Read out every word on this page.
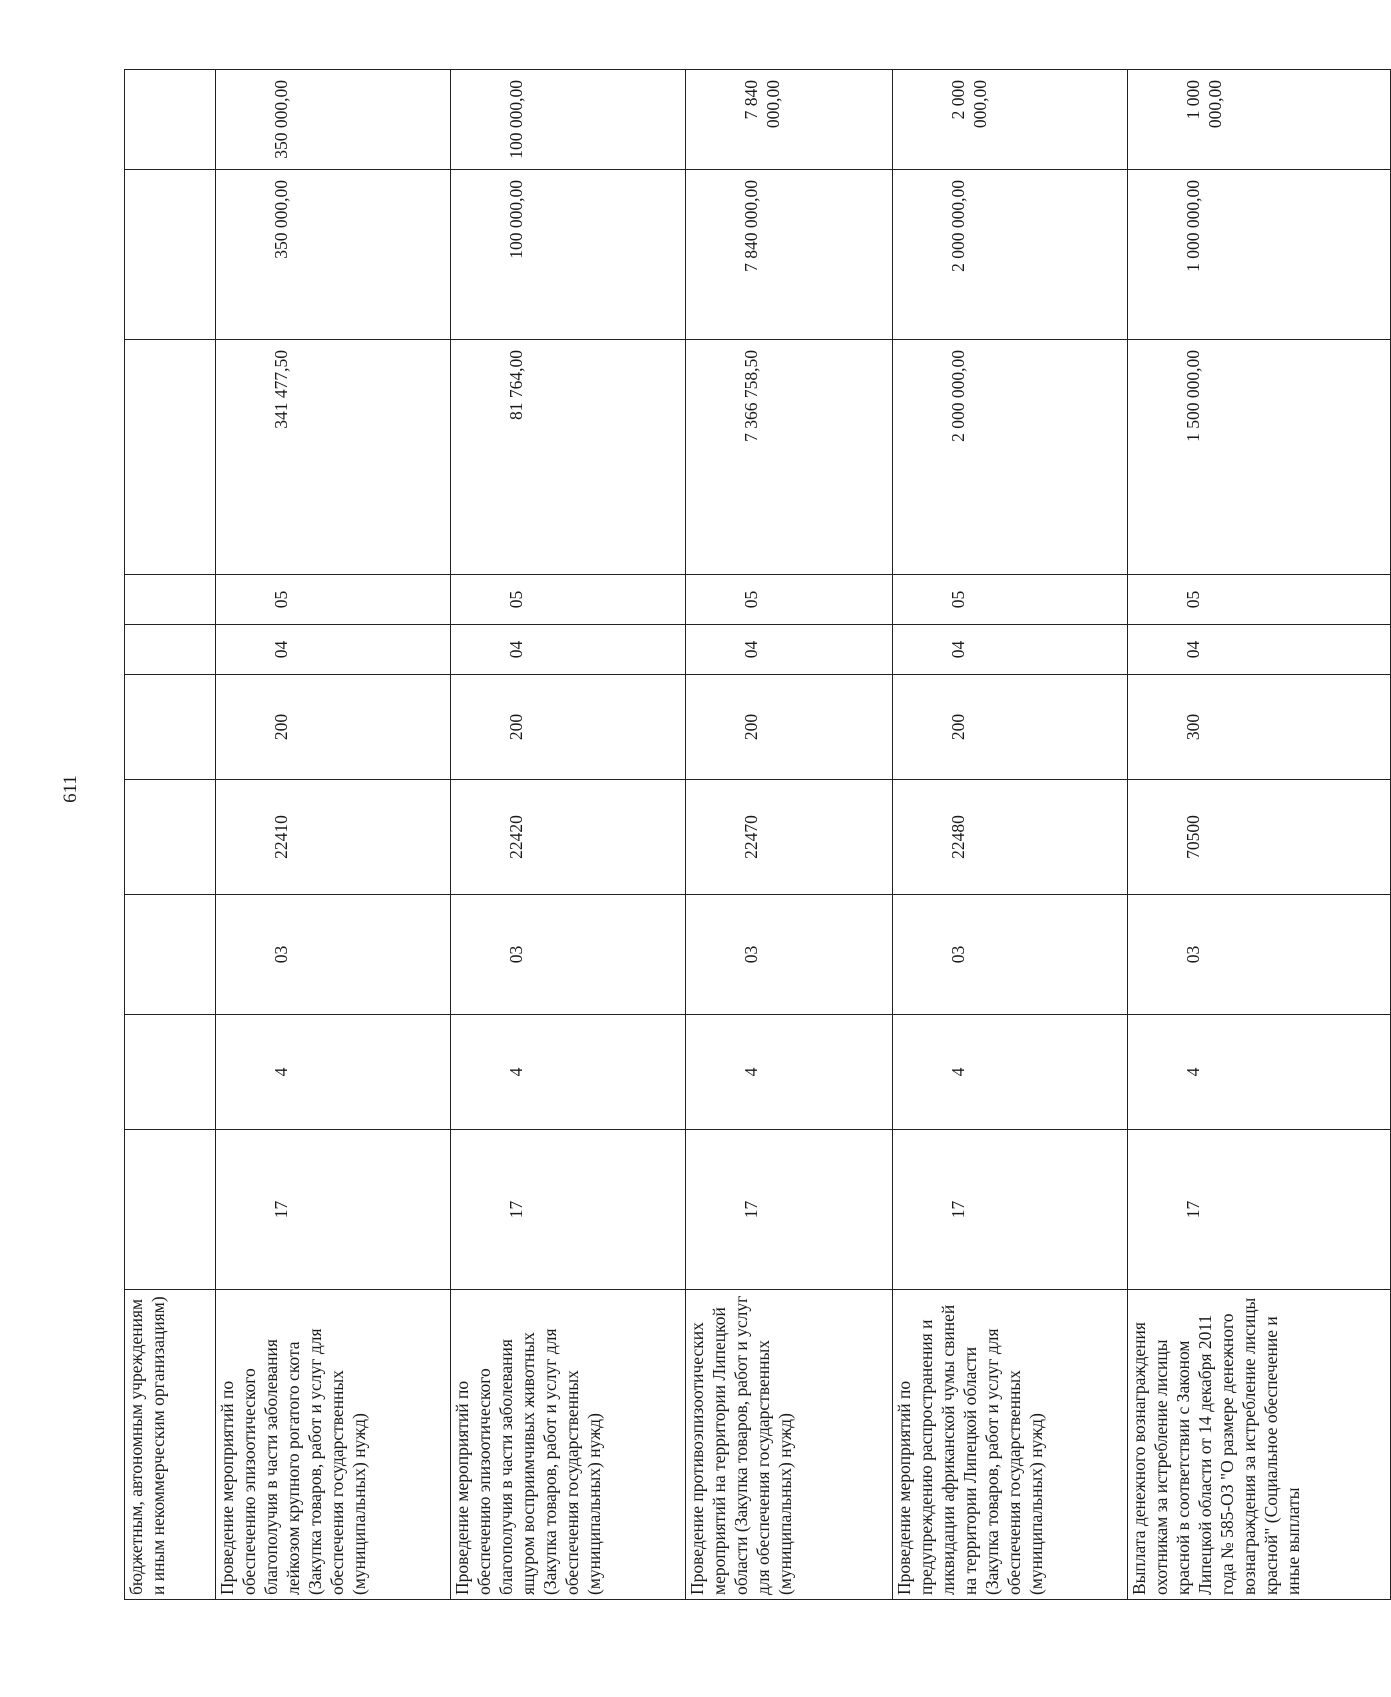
611
бюджетным, автономным учреждениям и иным некоммерческим организациям)										
Проведение мероприятий по обеспечению эпизоотического благополучия в части заболевания лейкозом крупного рогатого скота (Закупка товаров, работ и услуг для обеспечения государственных (муниципальных) нужд)	17	4	03	22410	200	04	05	341 477,50	350 000,00	350 000,00
Проведение мероприятий по обеспечению эпизоотического благополучия в части заболевания ящуром восприимчивых животных (Закупка товаров, работ и услуг для обеспечения государственных (муниципальных) нужд)	17	4	03	22420	200	04	05	81 764,00	100 000,00	100 000,00
Проведение противоэпизоотических мероприятий на территории Липецкой области (Закупка товаров, работ и услуг для обеспечения государственных (муниципальных) нужд)	17	4	03	22470	200	04	05	7 366 758,50	7 840 000,00	7 840 000,00
Проведение мероприятий по предупреждению распространения и ликвидации африканской чумы свиней на территории Липецкой области (Закупка товаров, работ и услуг для обеспечения государственных (муниципальных) нужд)	17	4	03	22480	200	04	05	2 000 000,00	2 000 000,00	2 000 000,00
Выплата денежного вознаграждения охотникам за истребление лисицы красной в соответствии с Законом Липецкой области от 14 декабря 2011 года № 585-ОЗ "О размере денежного вознаграждения за истребление лисицы красной" (Социальное обеспечение и иные выплаты	17	4	03	70500	300	04	05	1 500 000,00	1 000 000,00	1 000 000,00
